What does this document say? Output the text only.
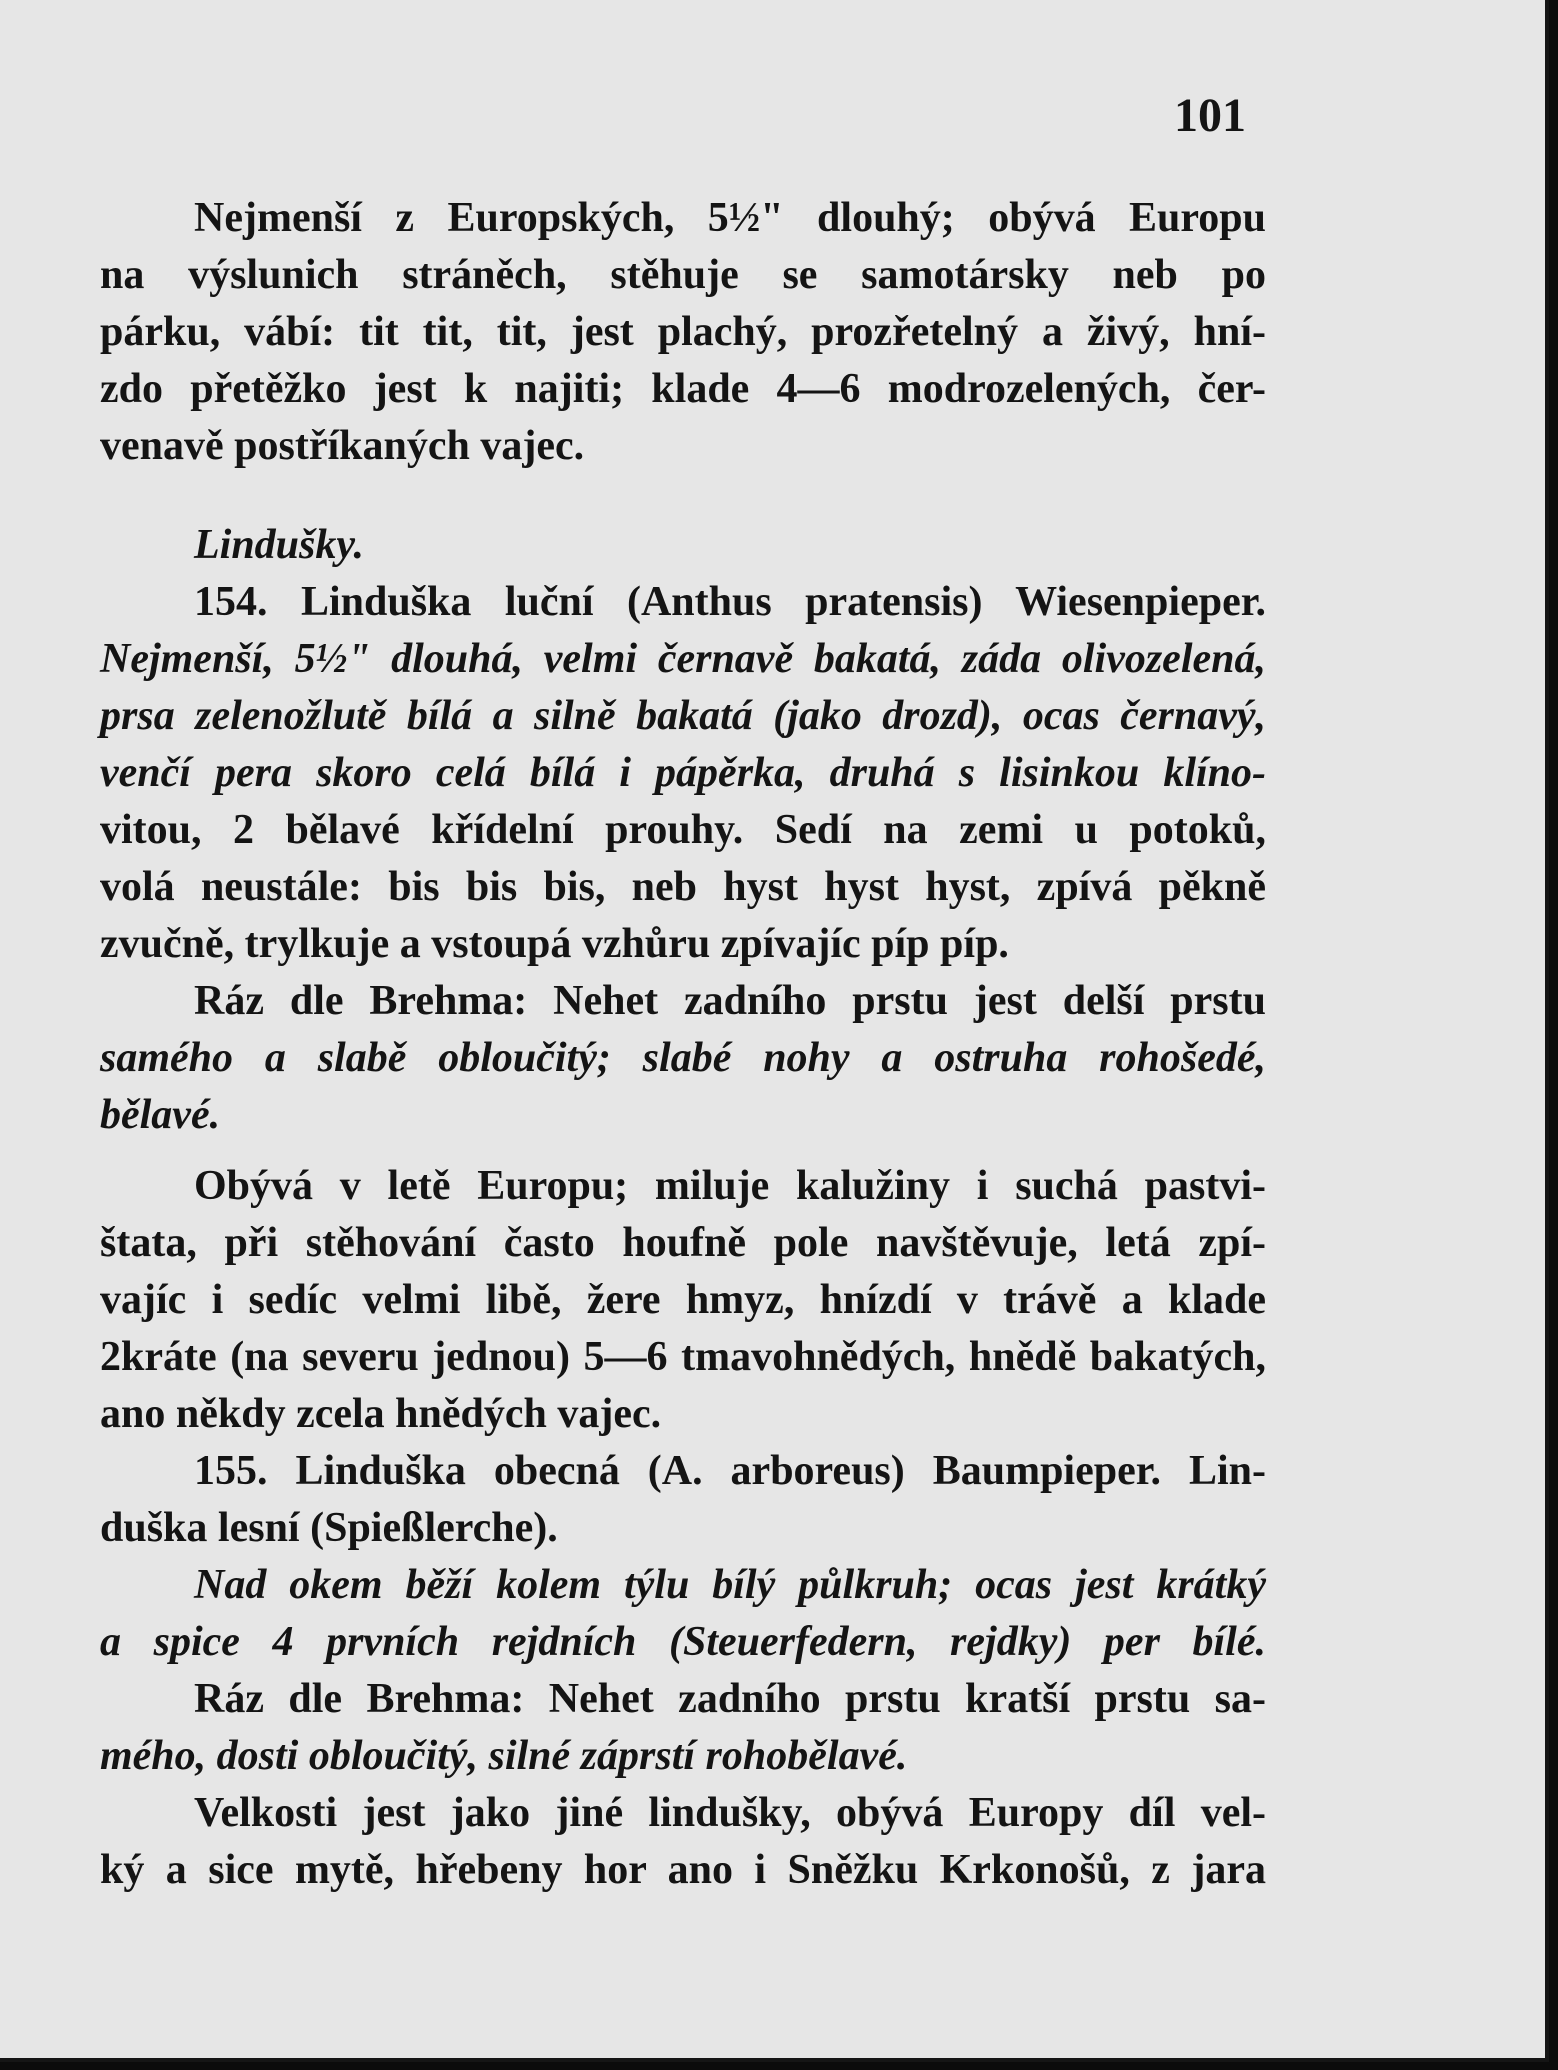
101
Nejmenší z Europských, 5½" dlouhý; obývá Europu
na výslunich stráněch, stěhuje se samotársky neb po
párku, vábí: tit tit, tit, jest plachý, prozřetelný a živý, hní-
zdo přetěžko jest k najiti; klade 4—6 modrozelených, čer-
venavě postříkaných vajec.
Lindušky.
154. Linduška luční (Anthus pratensis) Wiesenpieper.
Nejmenší, 5½" dlouhá, velmi černavě bakatá, záda olivozelená,
prsa zelenožlutě bílá a silně bakatá (jako drozd), ocas černavý,
venčí pera skoro celá bílá i pápěrka, druhá s lisinkou klíno-
vitou, 2 bělavé křídelní prouhy. Sedí na zemi u potoků,
volá neustále: bis bis bis, neb hyst hyst hyst, zpívá pěkně
zvučně, trylkuje a vstoupá vzhůru zpívajíc píp píp.
Ráz dle Brehma: Nehet zadního prstu jest delší prstu
samého a slabě obloučitý; slabé nohy a ostruha rohošedé,
bělavé.
Obývá v letě Europu; miluje kalužiny i suchá pastvi-
štata, při stěhování často houfně pole navštěvuje, letá zpí-
vajíc i sedíc velmi libě, žere hmyz, hnízdí v trávě a klade
2kráte (na severu jednou) 5—6 tmavohnědých, hnědě bakatých,
ano někdy zcela hnědých vajec.
155. Linduška obecná (A. arboreus) Baumpieper. Lin-
duška lesní (Spießlerche).
Nad okem běží kolem týlu bílý půlkruh; ocas jest krátký
a spice 4 prvních rejdních (Steuerfedern, rejdky) per bílé.
Ráz dle Brehma: Nehet zadního prstu kratší prstu sa-
mého, dosti obloučitý, silné záprstí rohobělavé.
Velkosti jest jako jiné lindušky, obývá Europy díl vel-
ký a sice mytě, hřebeny hor ano i Sněžku Krkonošů, z jara
